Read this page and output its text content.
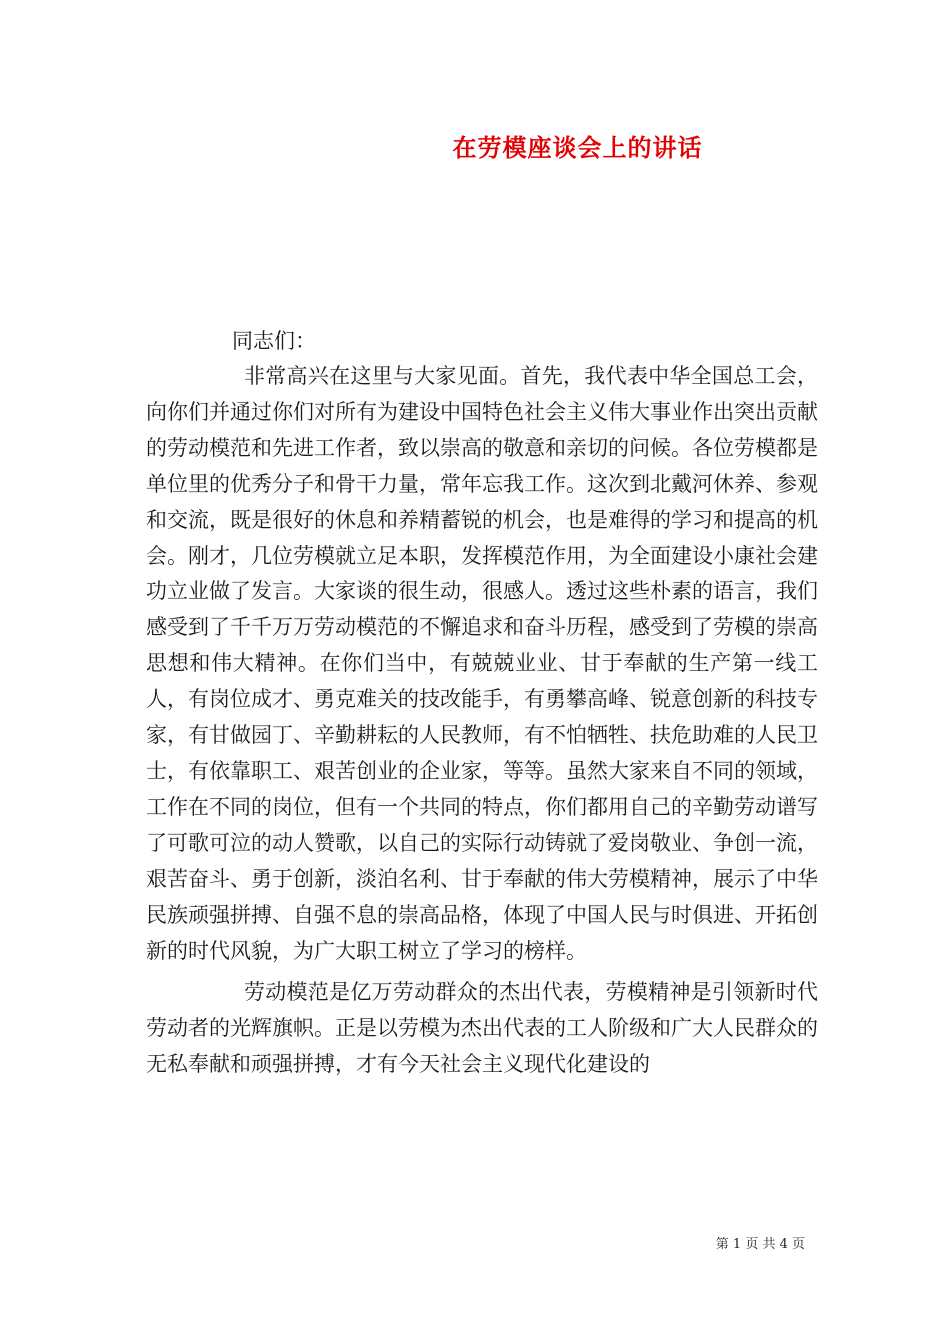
在劳模座谈会上的讲话

同志们：

非常高兴在这里与大家见面。首先，我代表中华全国总工会，向你们并通过你们对所有为建设中国特色社会主义伟大事业作出突出贡献的劳动模范和先进工作者，致以崇高的敬意和亲切的问候。各位劳模都是单位里的优秀分子和骨干力量，常年忘我工作。这次到北戴河休养、参观和交流，既是很好的休息和养精蓄锐的机会，也是难得的学习和提高的机会。刚才，几位劳模就立足本职，发挥模范作用，为全面建设小康社会建功立业做了发言。大家谈的很生动，很感人。透过这些朴素的语言，我们感受到了千千万万劳动模范的不懈追求和奋斗历程，感受到了劳模的崇高思想和伟大精神。在你们当中，有兢兢业业、甘于奉献的生产第一线工人，有岗位成才、勇克难关的技改能手，有勇攀高峰、锐意创新的科技专家，有甘做园丁、辛勤耕耘的人民教师，有不怕牺牲、扶危助难的人民卫士，有依靠职工、艰苦创业的企业家，等等。虽然大家来自不同的领域，工作在不同的岗位，但有一个共同的特点，你们都用自己的辛勤劳动谱写了可歌可泣的动人赞歌，以自己的实际行动铸就了爱岗敬业、争创一流，艰苦奋斗、勇于创新，淡泊名利、甘于奉献的伟大劳模精神，展示了中华民族顽强拼搏、自强不息的崇高品格，体现了中国人民与时俱进、开拓创新的时代风貌，为广大职工树立了学习的榜样。

劳动模范是亿万劳动群众的杰出代表，劳模精神是引领新时代劳动者的光辉旗帜。正是以劳模为杰出代表的工人阶级和广大人民群众的无私奉献和顽强拼搏，才有今天社会主义现代化建设的

第 1 页 共 4 页
